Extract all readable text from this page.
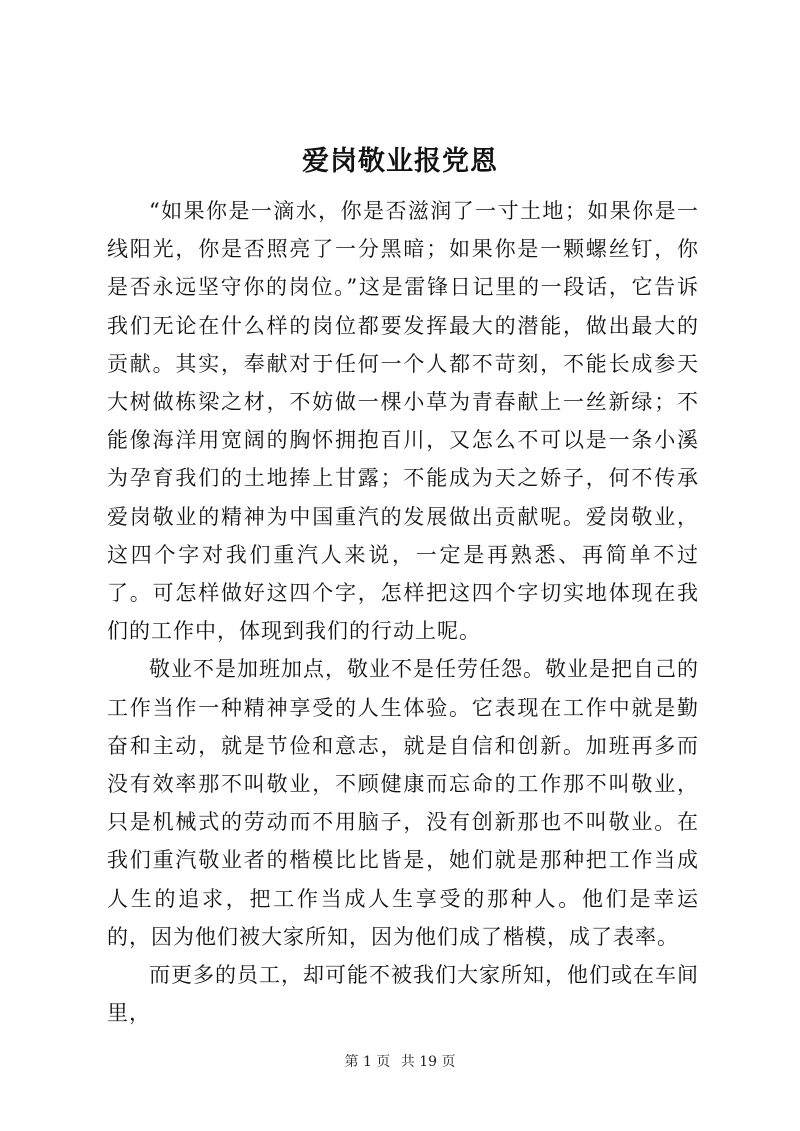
爱岗敬业报党恩

“如果你是一滴水，你是否滋润了一寸土地；如果你是一线阳光，你是否照亮了一分黑暗；如果你是一颗螺丝钉，你是否永远坚守你的岗位。”这是雷锋日记里的一段话，它告诉我们无论在什么样的岗位都要发挥最大的潜能，做出最大的贡献。其实，奉献对于任何一个人都不苛刻，不能长成参天大树做栋梁之材，不妨做一棵小草为青春献上一丝新绿；不能像海洋用宽阔的胸怀拥抱百川，又怎么不可以是一条小溪为孕育我们的土地捧上甘露；不能成为天之娇子，何不传承爱岗敬业的精神为中国重汽的发展做出贡献呢。爱岗敬业，这四个字对我们重汽人来说，一定是再熟悉、再简单不过了。可怎样做好这四个字，怎样把这四个字切实地体现在我们的工作中，体现到我们的行动上呢。

敬业不是加班加点，敬业不是任劳任怨。敬业是把自己的工作当作一种精神享受的人生体验。它表现在工作中就是勤奋和主动，就是节俭和意志，就是自信和创新。加班再多而没有效率那不叫敬业，不顾健康而忘命的工作那不叫敬业，只是机械式的劳动而不用脑子，没有创新那也不叫敬业。在我们重汽敬业者的楷模比比皆是，她们就是那种把工作当成人生的追求，把工作当成人生享受的那种人。他们是幸运的，因为他们被大家所知，因为他们成了楷模，成了表率。

而更多的员工，却可能不被我们大家所知，他们或在车间里，

第 1 页 共 19 页
